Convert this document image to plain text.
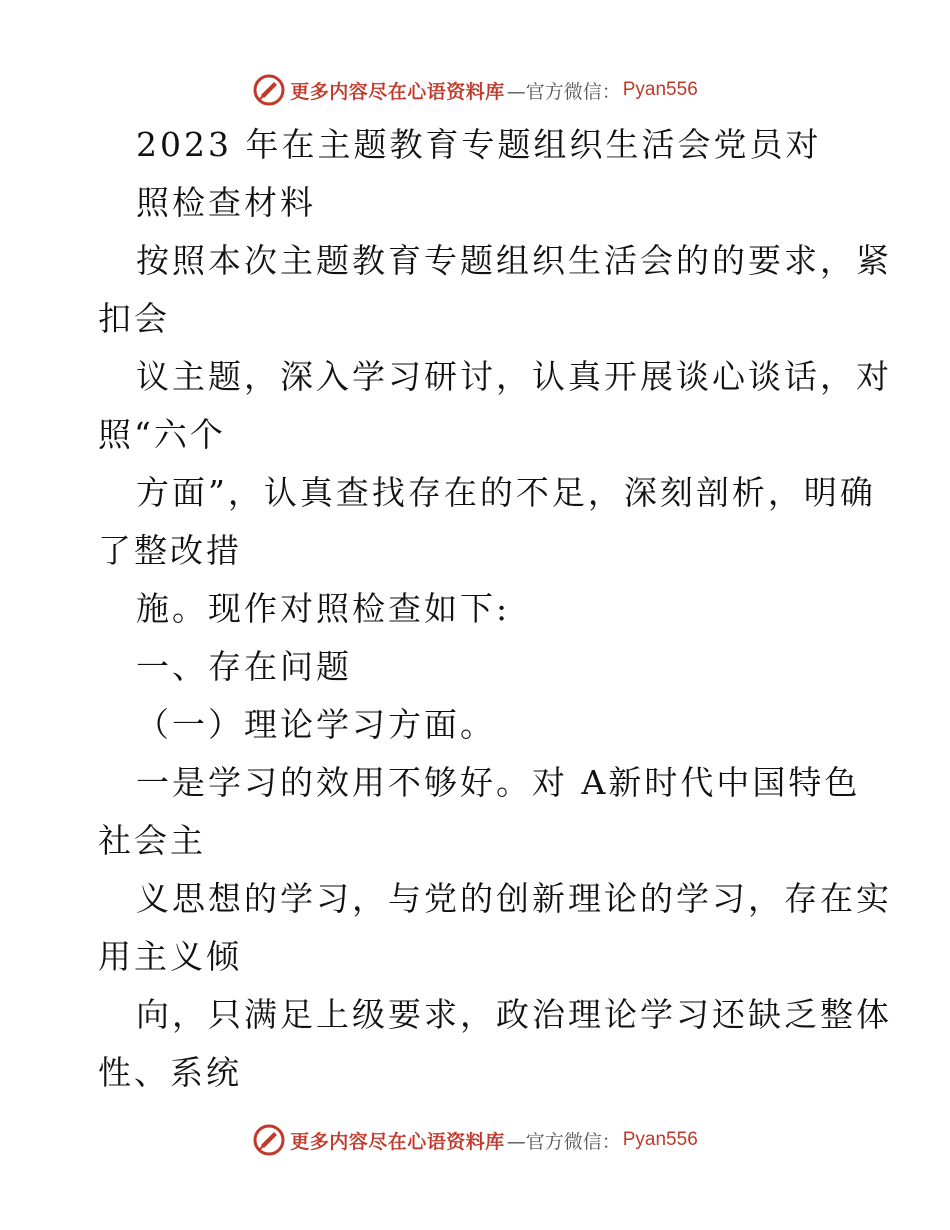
更多内容尽在心语资料库 —官方微信： Pyan556
2023 年在主题教育专题组织生活会党员对
照检查材料
按照本次主题教育专题组织生活会的的要求，紧
扣会
议主题，深入学习研讨，认真开展谈心谈话，对
照“六个
方面”，认真查找存在的不足，深刻剖析，明确
了整改措
施。现作对照检查如下:
一、存在问题
（一）理论学习方面。
一是学习的效用不够好。对 A新时代中国特色
社会主
义思想的学习，与党的创新理论的学习，存在实
用主义倾
向，只满足上级要求，政治理论学习还缺乏整体
性、系统
更多内容尽在心语资料库 —官方微信： Pyan556
